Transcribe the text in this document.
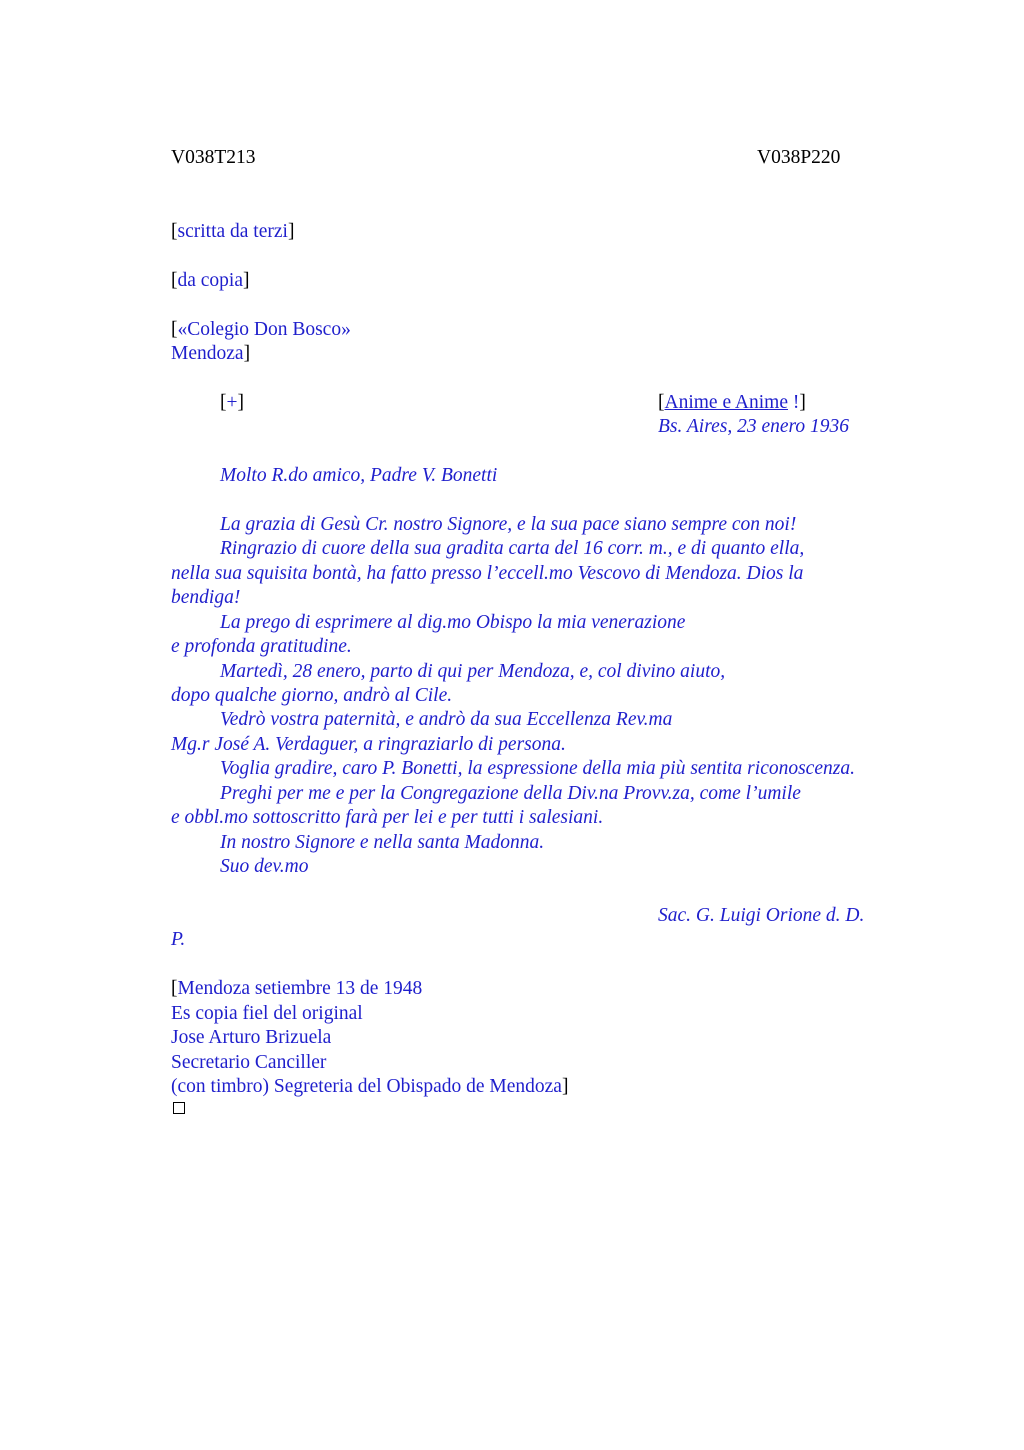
V038T213	V038P220
[scritta da terzi]
[da copia]
[«Colegio Don Bosco»
Mendoza]
[+]	[Anime e Anime !]
Bs. Aires, 23 enero 1936
Molto R.do amico, Padre V. Bonetti
La grazia di Gesù Cr. nostro Signore, e la sua pace siano sempre con noi!
Ringrazio di cuore della sua gradita carta del 16 corr. m., e di quanto ella,
nella sua squisita bontà, ha fatto presso l’eccell.mo Vescovo di Mendoza. Dios la
bendiga!
La prego di esprimere al dig.mo Obispo la mia venerazione
e profonda gratitudine.
Martedì, 28 enero, parto di qui per Mendoza, e, col divino aiuto,
dopo qualche giorno, andrò al Cile.
Vedrò vostra paternità, e andrò da sua Eccellenza Rev.ma
Mg.r José A. Verdaguer, a ringraziarlo di persona.
Voglia gradire, caro P. Bonetti, la espressione della mia più sentita riconoscenza.
Preghi per me e per la Congregazione della Div.na Provv.za, come l’umile
e obbl.mo sottoscritto farà per lei e per tutti i salesiani.
In nostro Signore e nella santa Madonna.
Suo dev.mo
Sac. G. Luigi Orione d. D.
P.
[Mendoza setiembre 13 de 1948
Es copia fiel del original
Jose Arturo Brizuela
Secretario Canciller
(con timbro) Segreteria del Obispado de Mendoza]
